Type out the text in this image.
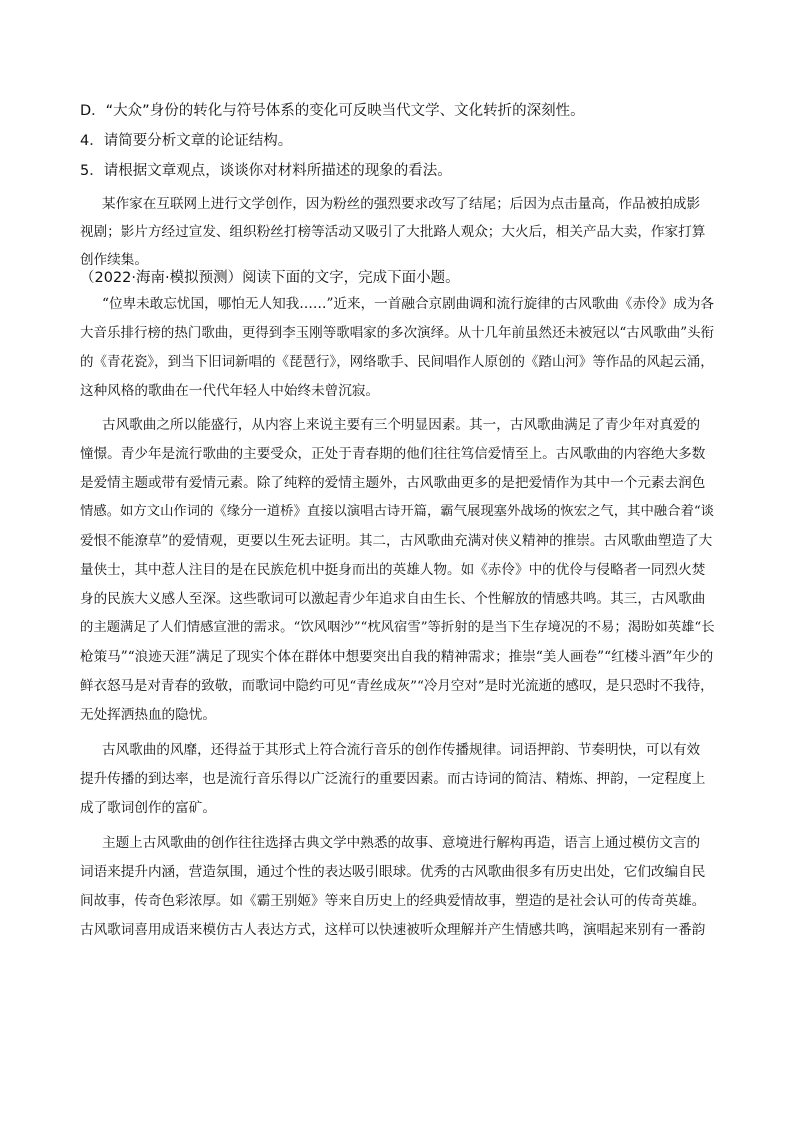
D．“大众”身份的转化与符号体系的变化可反映当代文学、文化转折的深刻性。
4．请简要分析文章的论证结构。
5．请根据文章观点，谈谈你对材料所描述的现象的看法。
某作家在互联网上进行文学创作，因为粉丝的强烈要求改写了结尾；后因为点击量高，作品被拍成影
视剧；影片方经过宣发、组织粉丝打榜等活动又吸引了大批路人观众；大火后，相关产品大卖，作家打算
创作续集。
（2022·海南·模拟预测）阅读下面的文字，完成下面小题。
“位卑未敢忘忧国，哪怕无人知我……”近来，一首融合京剧曲调和流行旋律的古风歌曲《赤伶》成为各
大音乐排行榜的热门歌曲，更得到李玉刚等歌唱家的多次演绎。从十几年前虽然还未被冠以“古风歌曲”头衔
的《青花瓷》，到当下旧词新唱的《琵琶行》，网络歌手、民间唱作人原创的《踏山河》等作品的风起云涌，
这种风格的歌曲在一代代年轻人中始终未曾沉寂。
古风歌曲之所以能盛行，从内容上来说主要有三个明显因素。其一，古风歌曲满足了青少年对真爱的
憧憬。青少年是流行歌曲的主要受众，正处于青春期的他们往往笃信爱情至上。古风歌曲的内容绝大多数
是爱情主题或带有爱情元素。除了纯粹的爱情主题外，古风歌曲更多的是把爱情作为其中一个元素去润色
情感。如方文山作词的《缘分一道桥》直接以演唱古诗开篇，霸气展现塞外战场的恢宏之气，其中融合着“谈
爱恨不能潦草”的爱情观，更要以生死去证明。其二，古风歌曲充满对侠义精神的推崇。古风歌曲塑造了大
量侠士，其中惹人注目的是在民族危机中挺身而出的英雄人物。如《赤伶》中的优伶与侵略者一同烈火焚
身的民族大义感人至深。这些歌词可以激起青少年追求自由生长、个性解放的情感共鸣。其三，古风歌曲
的主题满足了人们情感宣泄的需求。“饮风咽沙”“枕风宿雪”等折射的是当下生存境况的不易；渴盼如英雄“长
枪策马”“浪迹天涯”满足了现实个体在群体中想要突出自我的精神需求；推崇“美人画卷”“红楼斗酒”年少的
鲜衣怒马是对青春的致敬，而歌词中隐约可见“青丝成灰”“冷月空对”是时光流逝的感叹，是只恐时不我待，
无处挥洒热血的隐忧。
古风歌曲的风靡，还得益于其形式上符合流行音乐的创作传播规律。词语押韵、节奏明快，可以有效
提升传播的到达率，也是流行音乐得以广泛流行的重要因素。而古诗词的简洁、精炼、押韵，一定程度上
成了歌词创作的富矿。
主题上古风歌曲的创作往往选择古典文学中熟悉的故事、意境进行解构再造，语言上通过模仿文言的
词语来提升内涵，营造氛围，通过个性的表达吸引眼球。优秀的古风歌曲很多有历史出处，它们改编自民
间故事，传奇色彩浓厚。如《霸王别姬》等来自历史上的经典爱情故事，塑造的是社会认可的传奇英雄。
古风歌词喜用成语来模仿古人表达方式，这样可以快速被听众理解并产生情感共鸣，演唱起来别有一番韵
